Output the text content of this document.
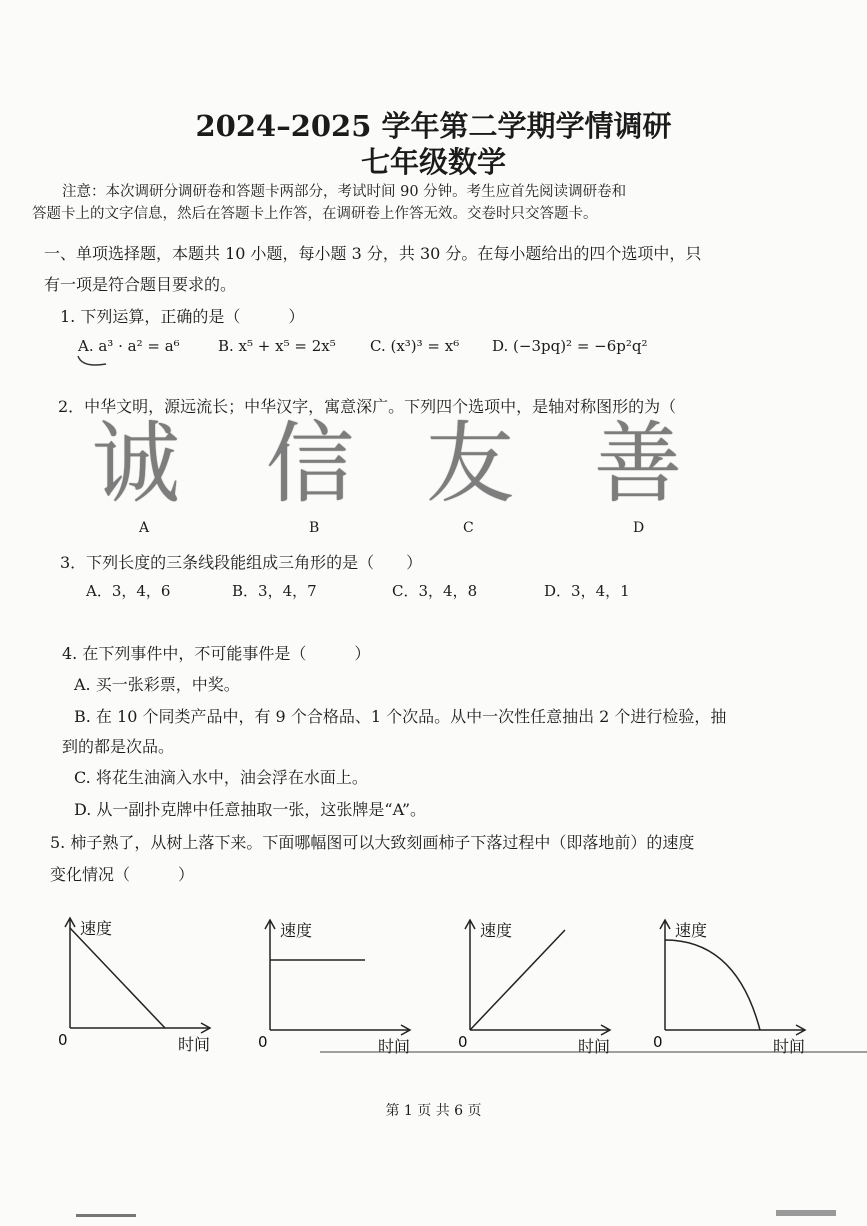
2024–2025 学年第二学期学情调研
七年级数学
注意：本次调研分调研卷和答题卡两部分，考试时间 90 分钟。考生应首先阅读调研卷和
答题卡上的文字信息，然后在答题卡上作答，在调研卷上作答无效。交卷时只交答题卡。
一、单项选择题，本题共 10 小题，每小题 3 分，共 30 分。在每小题给出的四个选项中，只
有一项是符合题目要求的。
1. 下列运算，正确的是（　　　）
A. a³ · a² = a⁶	B. x⁵ + x⁵ = 2x⁵ C. (x³)³ = x⁶ D. (−3pq)² = −6p²q²
2．中华文明，源远流长；中华汉字，寓意深广。下列四个选项中，是轴对称图形的为（
诚 信 友 善
A	B	C	D
3．下列长度的三条线段能组成三角形的是（　　）
A．3，4，6	B．3，4，7	C．3，4，8	D．3，4，1
4. 在下列事件中，不可能事件是（　　　）
A. 买一张彩票，中奖。
B. 在 10 个同类产品中，有 9 个合格品、1 个次品。从中一次性任意抽出 2 个进行检验，抽
到的都是次品。
C. 将花生油滴入水中，油会浮在水面上。
D. 从一副扑克牌中任意抽取一张，这张牌是“A”。
5. 柿子熟了，从树上落下来。下面哪幅图可以大致刻画柿子下落过程中（即落地前）的速度
变化情况（　　　）
速度
时间
0
速度
时间
0
速度
时间
0
速度
时间
0
第 1 页 共 6 页
